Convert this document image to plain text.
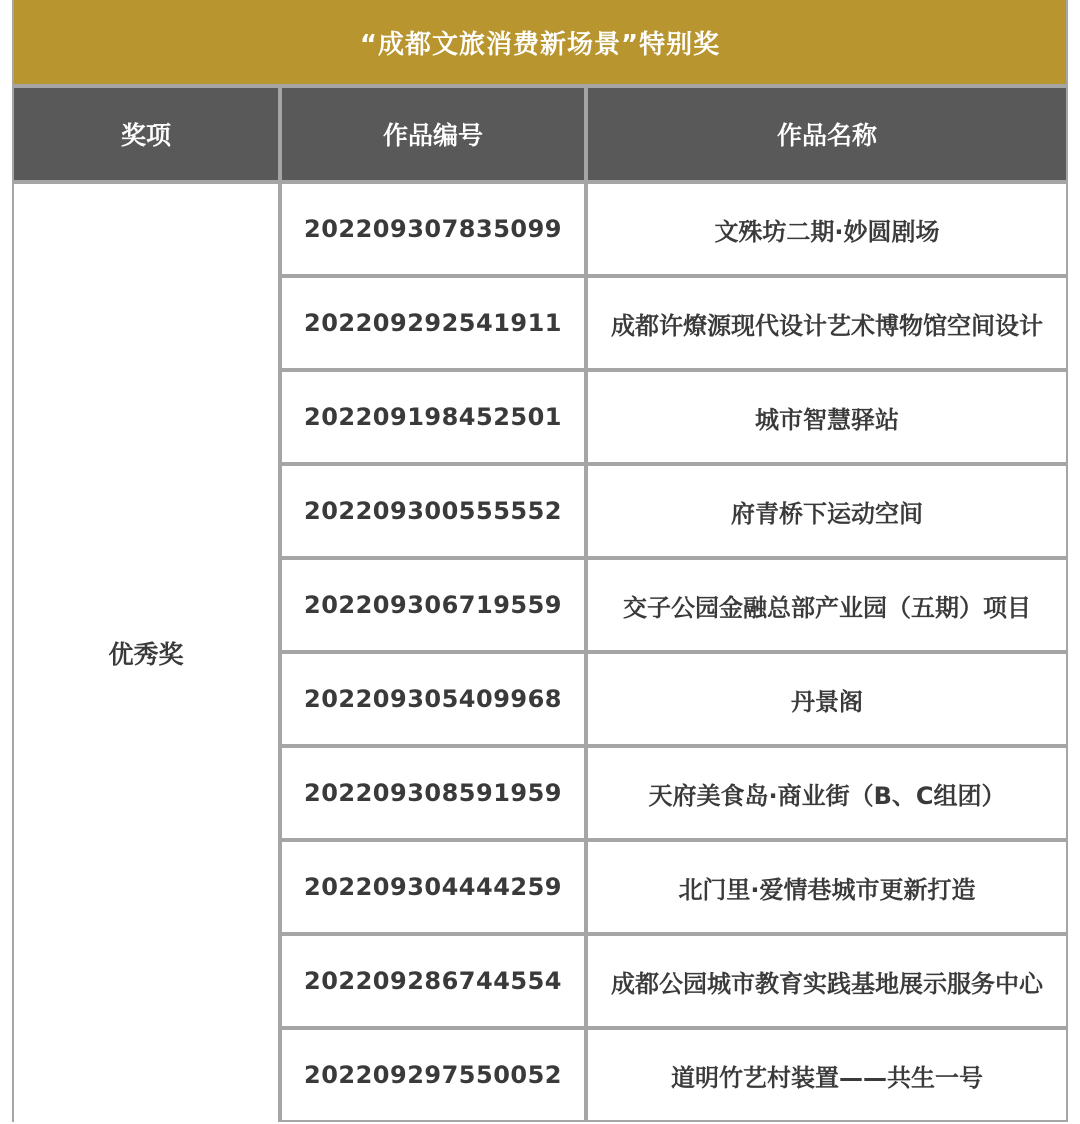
“成都文旅消费新场景”特别奖
奖项	作品编号	作品名称
优秀奖
202209307835099	文殊坊二期·妙圆剧场
202209292541911	成都许燎源现代设计艺术博物馆空间设计
202209198452501	城市智慧驿站
202209300555552	府青桥下运动空间
202209306719559	交子公园金融总部产业园（五期）项目
202209305409968	丹景阁
202209308591959	天府美食岛·商业街（B、C组团）
202209304444259	北门里·爱情巷城市更新打造
202209286744554	成都公园城市教育实践基地展示服务中心
202209297550052	道明竹艺村装置——共生一号
